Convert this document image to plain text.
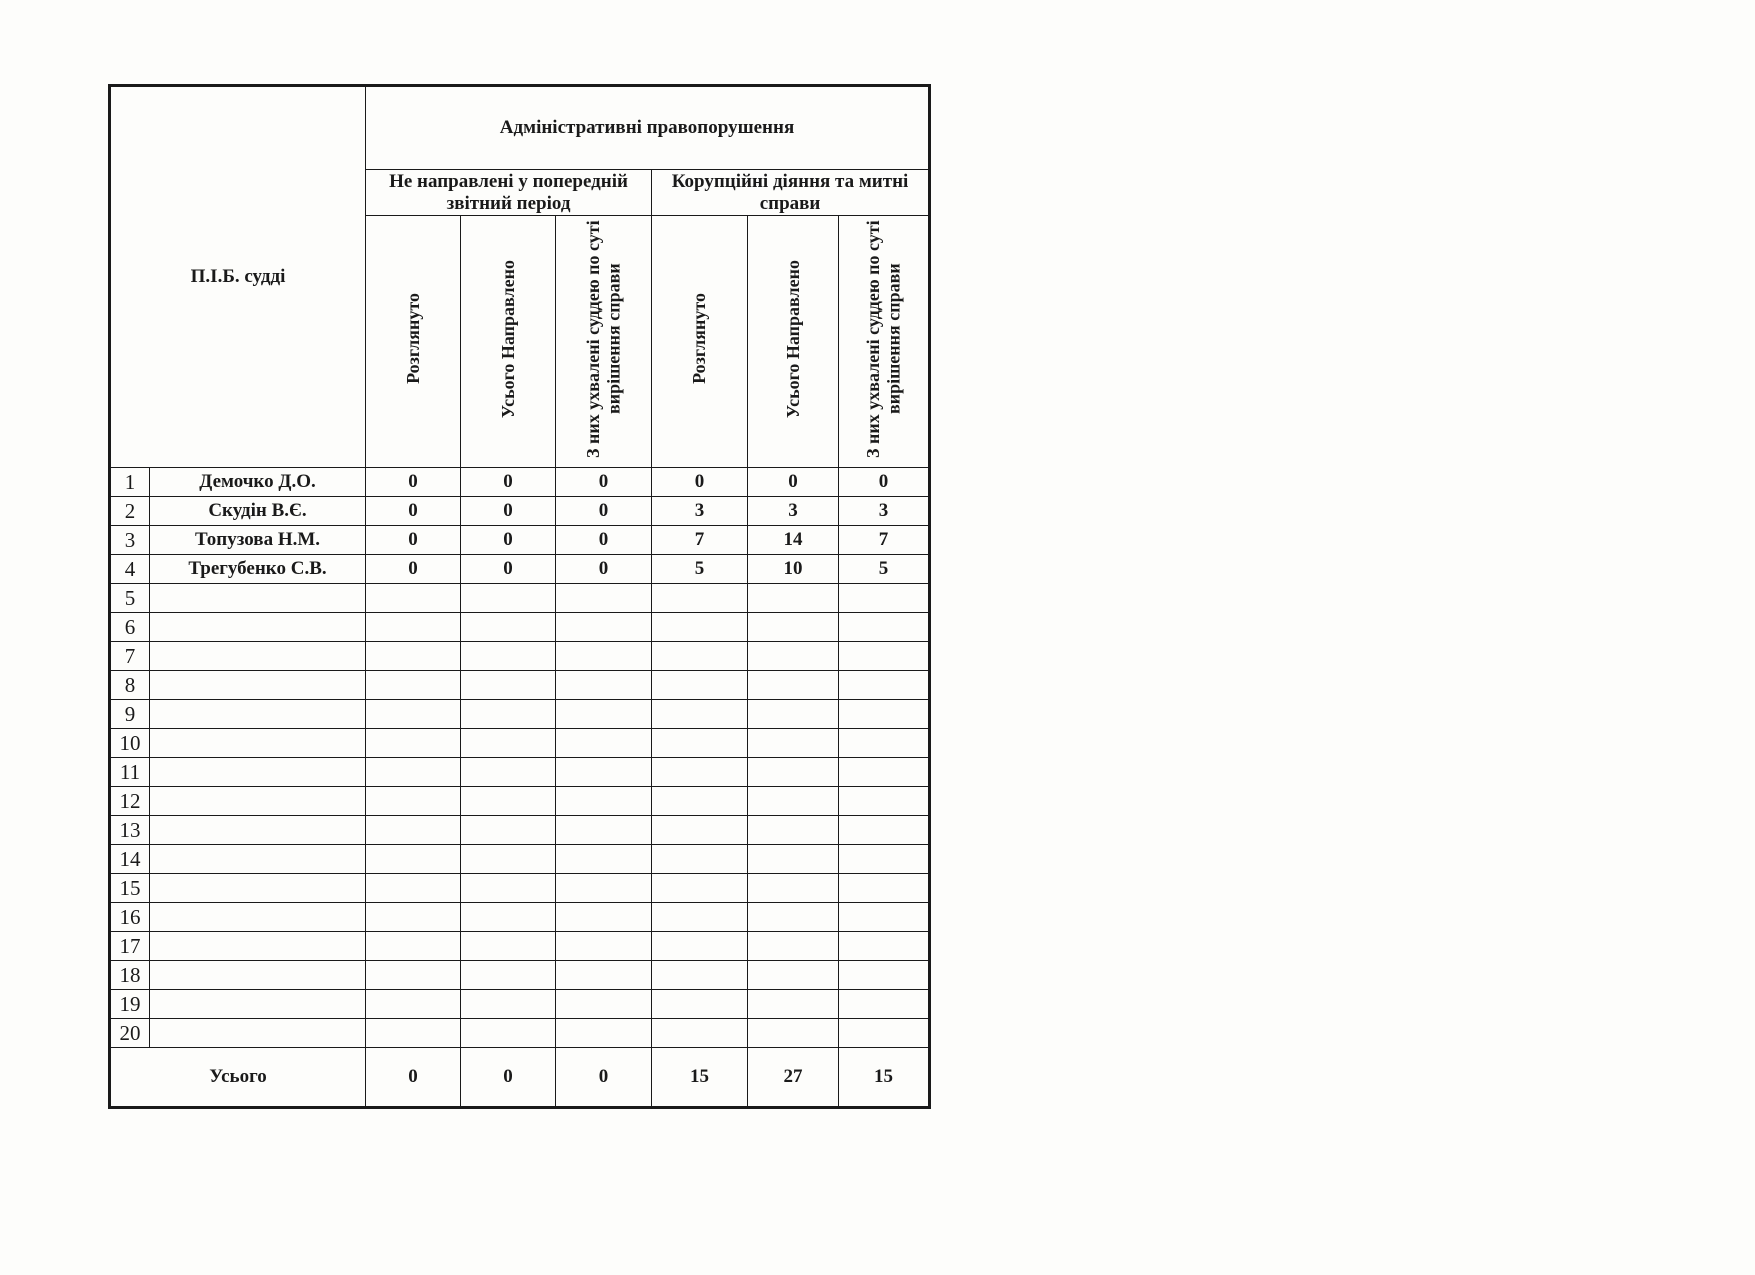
П.І.Б. судді		Адміністративні правопорушення					
		Не направлені у попередній звітний період			Корупційні діяння та митні справи		
		Розглянуто	Усього Направлено	З них ухвалені суддею по суті вирішення справи	Розглянуто	Усього Направлено	З них ухвалені суддею по суті вирішення справи
1	Демочко Д.О.	0	0	0	0	0	0
2	Скудін В.Є.	0	0	0	3	3	3
3	Топузова Н.М.	0	0	0	7	14	7
4	Трегубенко С.В.	0	0	0	5	10	5
5							
6							
7							
8							
9							
10							
11							
12							
13							
14							
15							
16							
17							
18							
19							
20							
Усього		0	0	0	15	27	15
